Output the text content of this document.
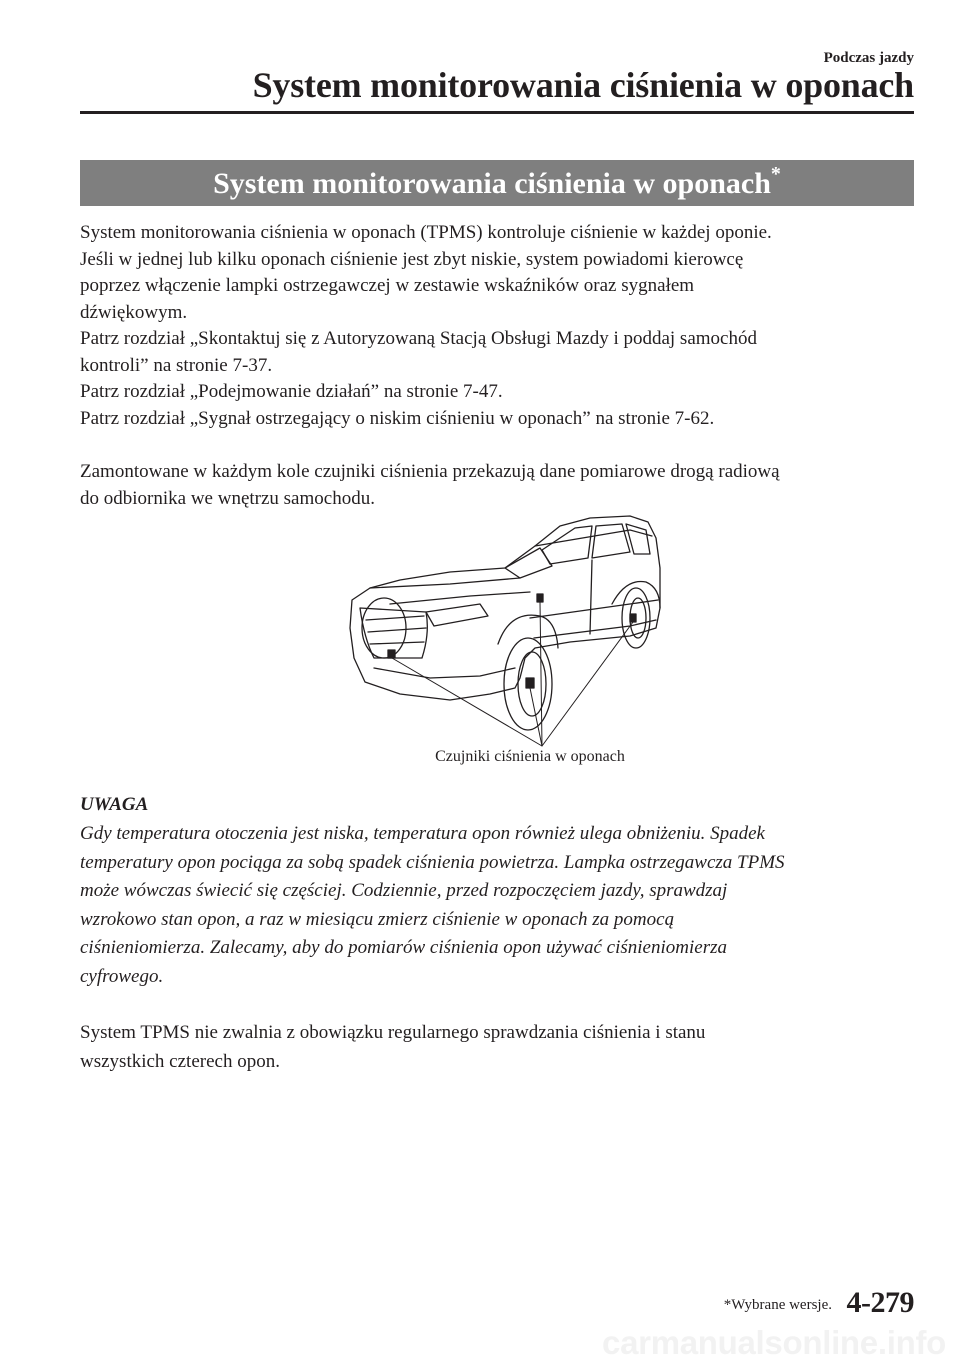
Podczas jazdy
System monitorowania ciśnienia w oponach
System monitorowania ciśnienia w oponach*

System monitorowania ciśnienia w oponach (TPMS) kontroluje ciśnienie w każdej oponie.

Jeśli w jednej lub kilku oponach ciśnienie jest zbyt niskie, system powiadomi kierowcę

poprzez włączenie lampki ostrzegawczej w zestawie wskaźników oraz sygnałem

dźwiękowym.

Patrz rozdział „Skontaktuj się z Autoryzowaną Stacją Obsługi Mazdy i poddaj samochód

kontroli” na stronie 7-37.

Patrz rozdział „Podejmowanie działań” na stronie 7-47.

Patrz rozdział „Sygnał ostrzegający o niskim ciśnieniu w oponach” na stronie 7-62.

Zamontowane w każdym kole czujniki ciśnienia przekazują dane pomiarowe drogą radiową

do odbiornika we wnętrzu samochodu.

Czujniki ciśnienia w oponach
UWAGA
Gdy temperatura otoczenia jest niska, temperatura opon również ulega obniżeniu. Spadek
temperatury opon pociąga za sobą spadek ciśnienia powietrza. Lampka ostrzegawcza TPMS
może wówczas świecić się częściej. Codziennie, przed rozpoczęciem jazdy, sprawdzaj
wzrokowo stan opon, a raz w miesiącu zmierz ciśnienie w oponach za pomocą
ciśnieniomierza. Zalecamy, aby do pomiarów ciśnienia opon używać ciśnieniomierza
cyfrowego.

System TPMS nie zwalnia z obowiązku regularnego sprawdzania ciśnienia i stanu

wszystkich czterech opon.

*Wybrane wersje. 4-279
carmanualsonline.info
